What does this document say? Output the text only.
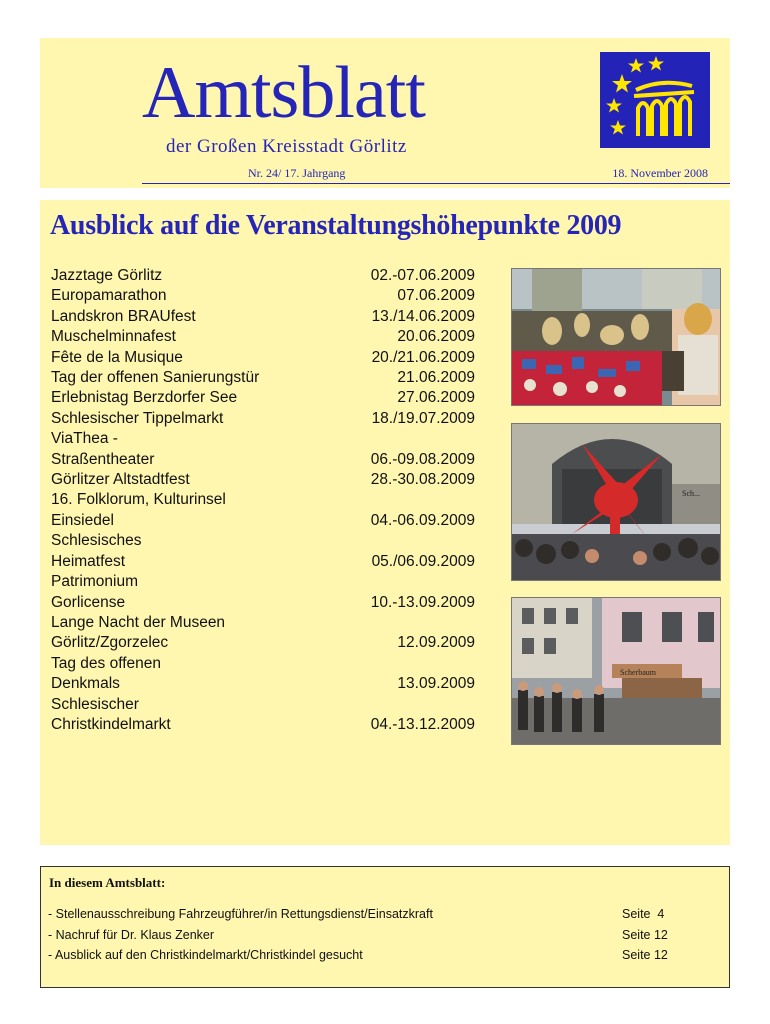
Amtsblatt
der Großen Kreisstadt Görlitz
Nr. 24/ 17. Jahrgang	18. November 2008
Ausblick auf die Veranstaltungshöhepunkte 2009
Jazztage Görlitz	02.-07.06.2009
Europamarathon	07.06.2009
Landskron BRAUfest	13./14.06.2009
Muschelminnafest	20.06.2009
Fête de la Musique	20./21.06.2009
Tag der offenen Sanierungstür	21.06.2009
Erlebnistag Berzdorfer See	27.06.2009
Schlesischer Tippelmarkt	18./19.07.2009
ViaThea -
Straßentheater	06.-09.08.2009
Görlitzer Altstadtfest	28.-30.08.2009
16. Folklorum, Kulturinsel
Einsiedel	04.-06.09.2009
Schlesisches
Heimatfest	05./06.09.2009
Patrimonium
Gorlicense	10.-13.09.2009
Lange Nacht der Museen
Görlitz/Zgorzelec	12.09.2009
Tag des offenen
Denkmals	13.09.2009
Schlesischer
Christkindelmarkt	04.-13.12.2009
Sch...
Scherbaum
In diesem Amtsblatt:
- Stellenausschreibung Fahrzeugführer/in Rettungsdienst/Einsatzkraft	Seite  4
- Nachruf für Dr. Klaus Zenker	Seite 12
- Ausblick auf den Christkindelmarkt/Christkindel gesucht	Seite 12
